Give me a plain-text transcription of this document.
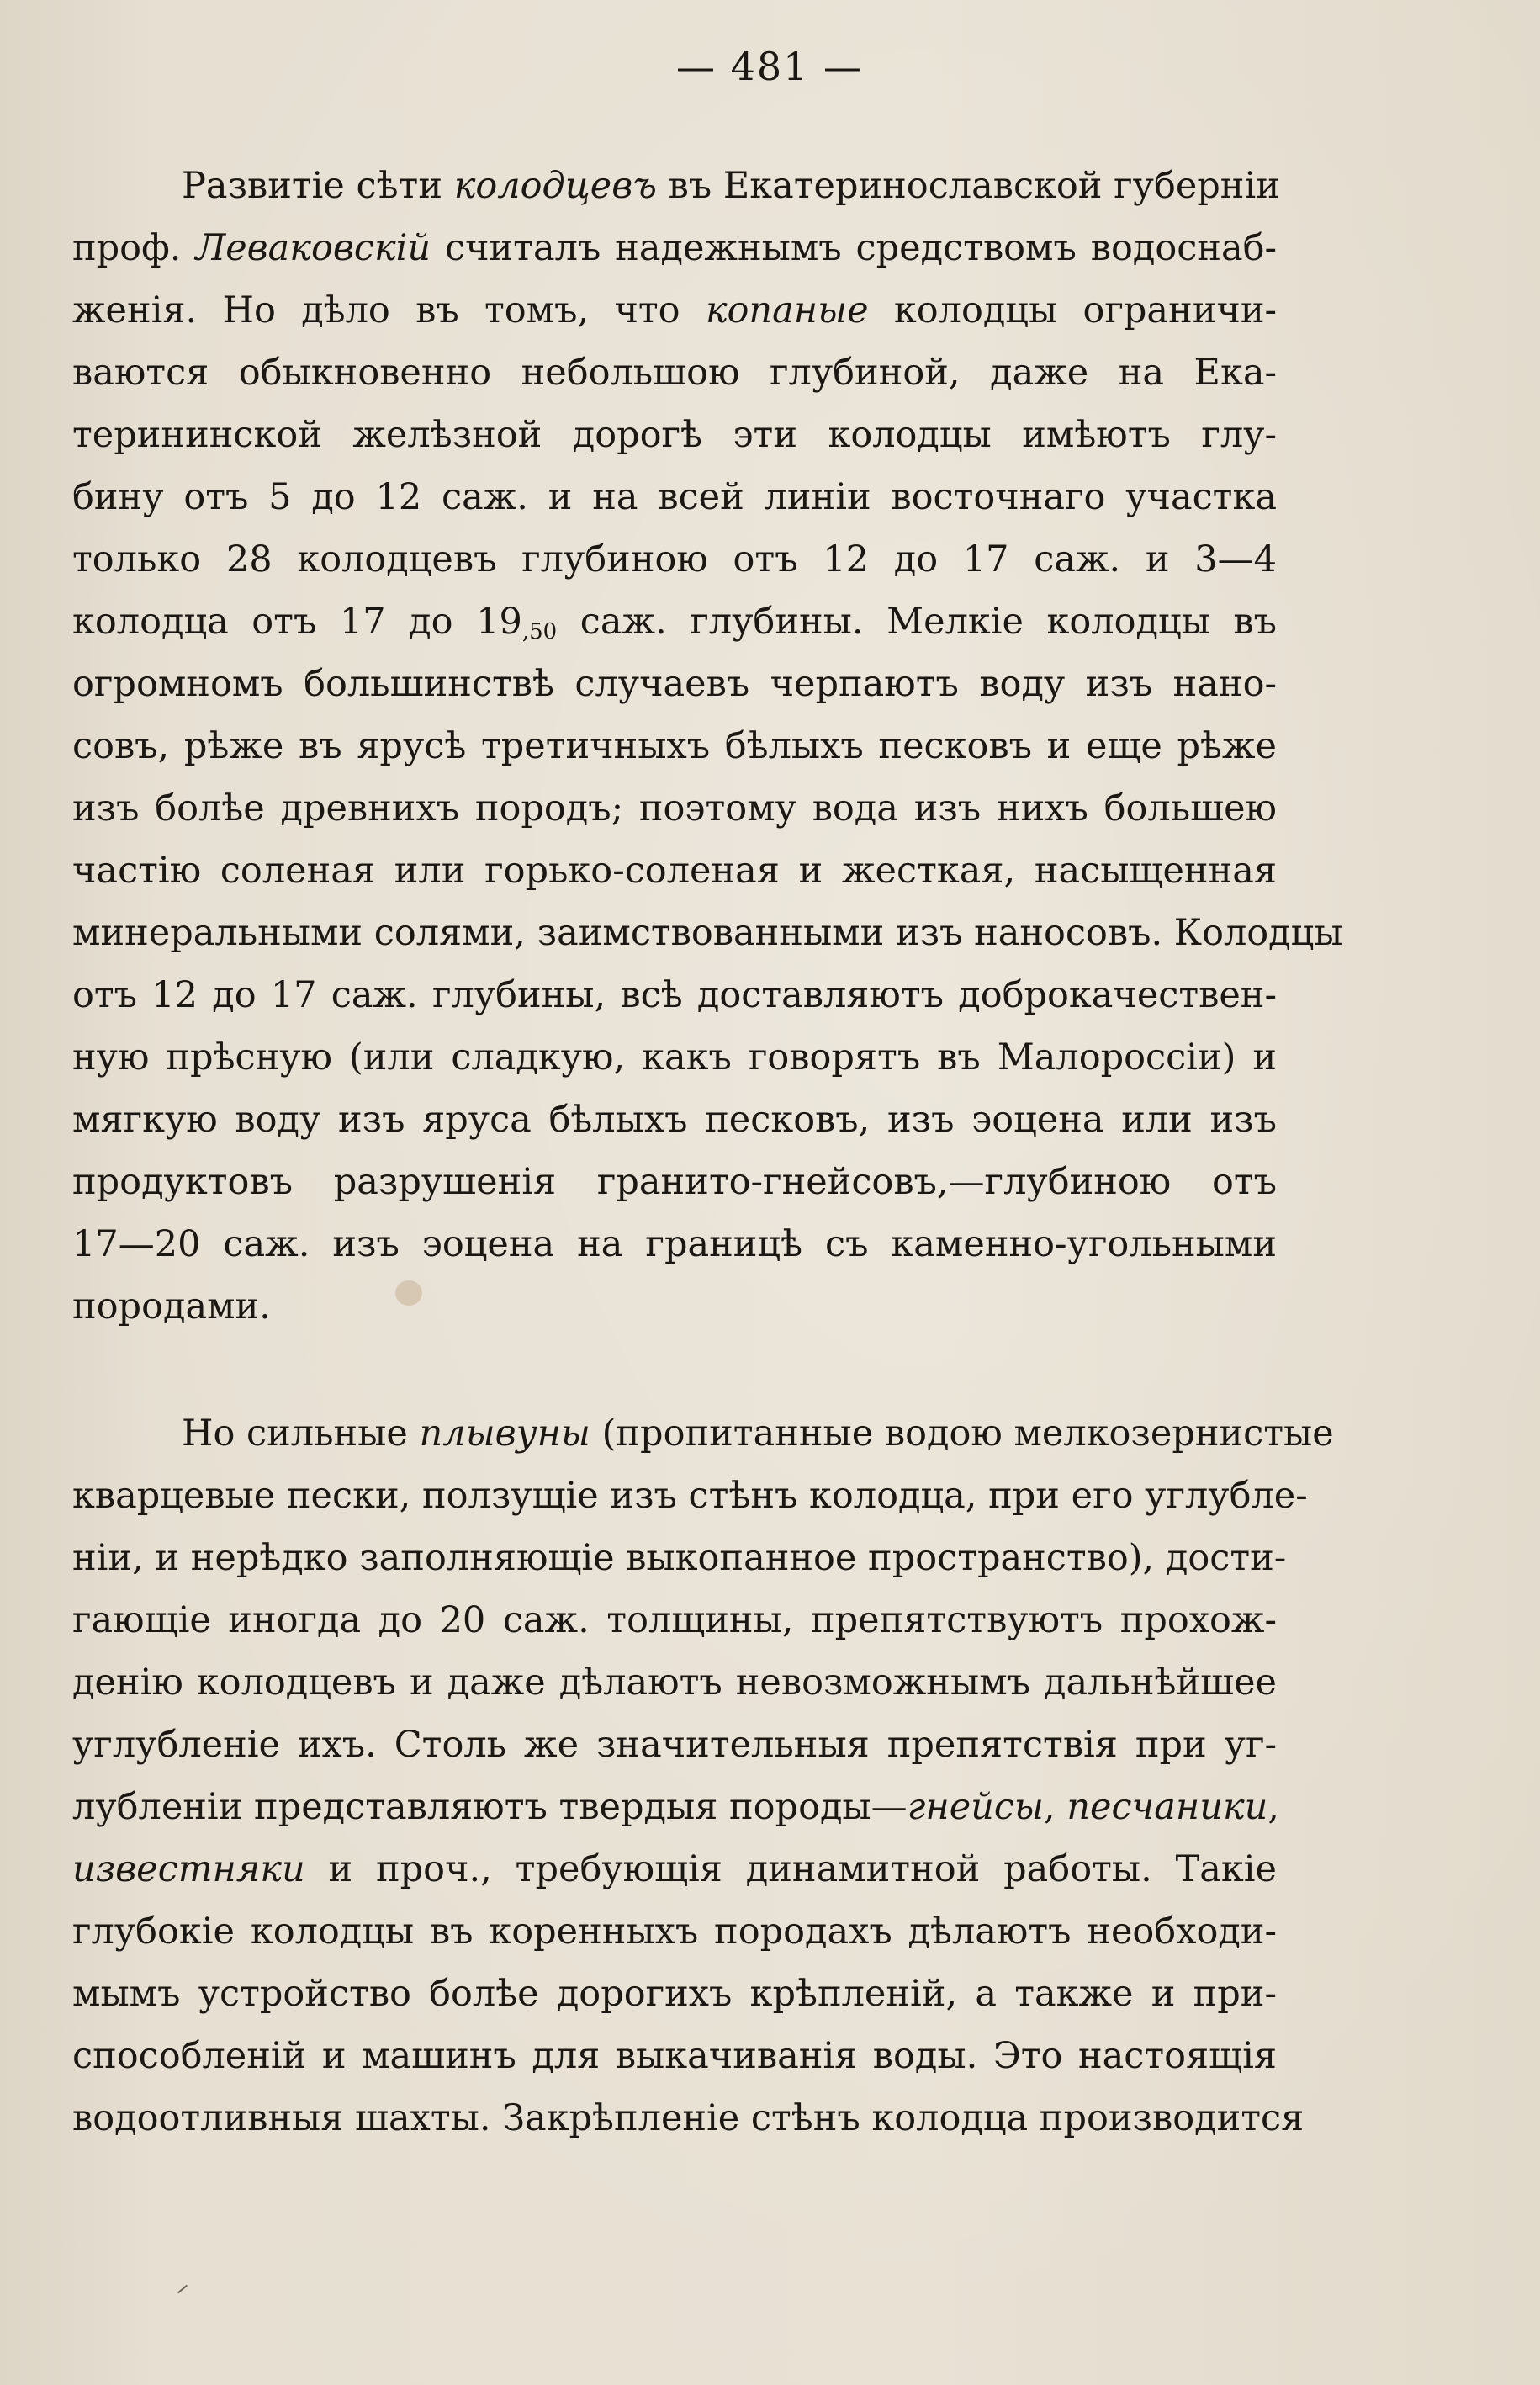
— 481 —
Развитіе сѣти колодцевъ въ Екатеринославской губерніи
проф. Леваковскій считалъ надежнымъ средствомъ водоснаб-
женія. Но дѣло въ томъ, что копаные колодцы ограничи-
ваются обыкновенно небольшою глубиной, даже на Ека-
терининской желѣзной дорогѣ эти колодцы имѣютъ глу-
бину отъ 5 до 12 саж. и на всей линіи восточнаго участка
только 28 колодцевъ глубиною отъ 12 до 17 саж. и 3—4
колодца отъ 17 до $19_{,50}$ саж. глубины. Мелкіе колодцы въ
огромномъ большинствѣ случаевъ черпаютъ воду изъ нано-
совъ, рѣже въ ярусѣ третичныхъ бѣлыхъ песковъ и еще рѣже
изъ болѣе древнихъ породъ; поэтому вода изъ нихъ большею
частію соленая или горько-соленая и жесткая, насыщенная
минеральными солями, заимствованными изъ наносовъ. Колодцы
отъ 12 до 17 саж. глубины, всѣ доставляютъ доброкачествен-
ную прѣсную (или сладкую, какъ говорятъ въ Малороссіи) и
мягкую воду изъ яруса бѣлыхъ песковъ, изъ эоцена или изъ
продуктовъ разрушенія гранито-гнейсовъ,—глубиною отъ
17—20 саж. изъ эоцена на границѣ съ каменно-угольными
породами.
Но сильные плывуны (пропитанные водою мелкозернистые
кварцевые пески, ползущіе изъ стѣнъ колодца, при его углубле-
ніи, и нерѣдко заполняющіе выкопанное пространство), дости-
гающіе иногда до 20 саж. толщины, препятствуютъ прохож-
денію колодцевъ и даже дѣлаютъ невозможнымъ дальнѣйшее
углубленіе ихъ. Столь же значительныя препятствія при уг-
лубленіи представляютъ твердыя породы—гнейсы, песчаники,
известняки и проч., требующія динамитной работы. Такіе
глубокіе колодцы въ коренныхъ породахъ дѣлаютъ необходи-
мымъ устройство болѣе дорогихъ крѣпленій, а также и при-
способленій и машинъ для выкачиванія воды. Это настоящія
водоотливныя шахты. Закрѣпленіе стѣнъ колодца производится
